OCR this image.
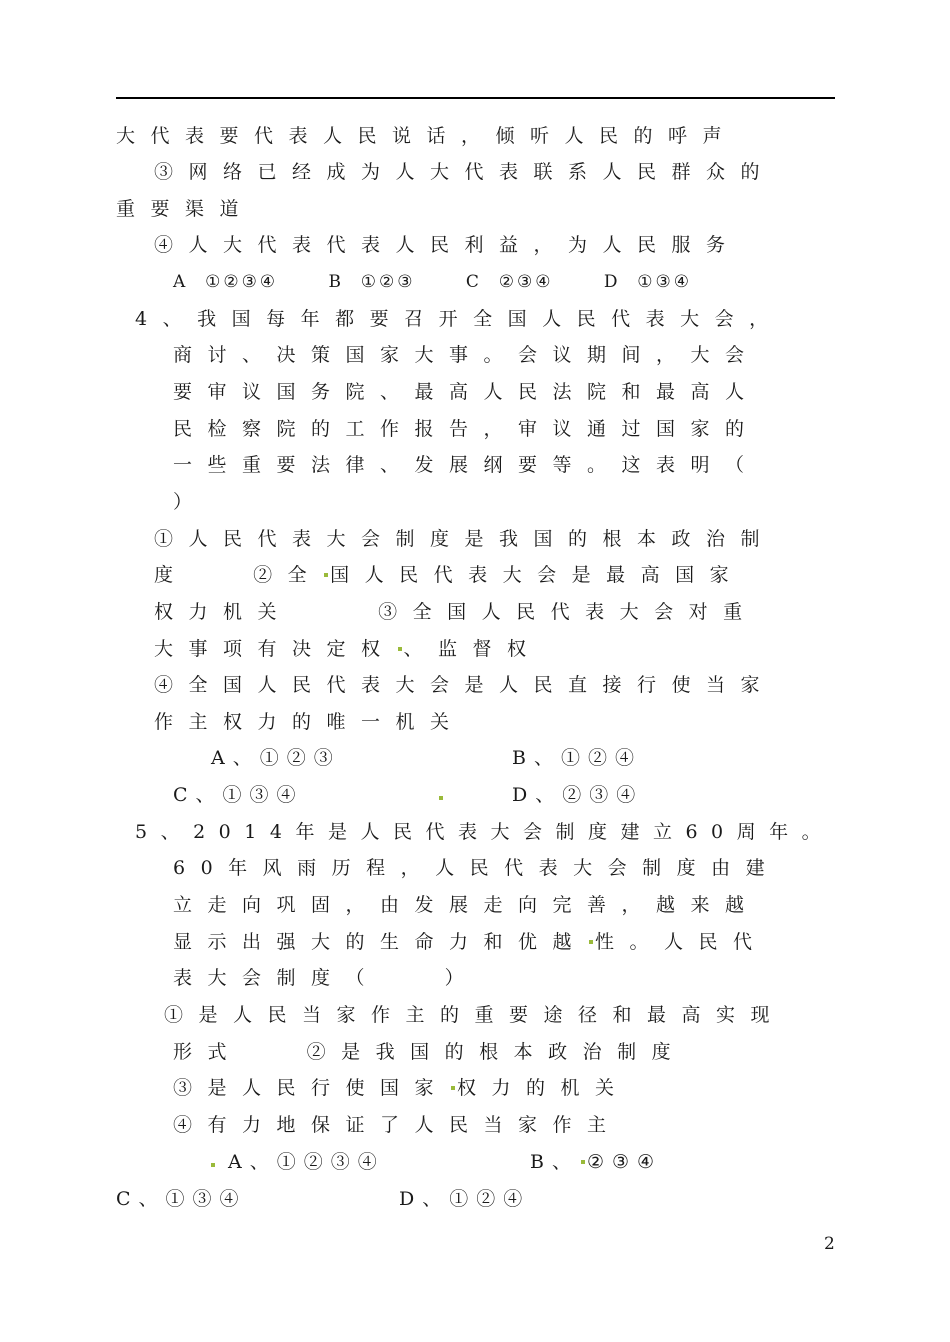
大代表要代表人民说话，倾听人民的呼声
③网络已经成为人大代表联系人民群众的
重要渠道
④人大代表代表人民利益，为人民服务
A  ①②③④      B  ①②③      C  ②③④      D  ①③④
4、我国每年都要召开全国人民代表大会，
商讨、决策国家大事。会议期间，大会
要审议国务院、最高人民法院和最高人
民检察院的工作报告，审议通过国家的
一些重要法律、发展纲要等。这表明（
）
①人民代表大会制度是我国的根本政治制
度   ②全 国人民代表大会是最高国家
权力机关    ③全国人民代表大会对重
大事项有决定权 、监督权
④全国人民代表大会是人民直接行使当家
作主权力的唯一机关
A、①②③	B、①②④
C、①③④	D、②③④
5、2014年是人民代表大会制度建立60周年。
60年风雨历程，人民代表大会制度由建
立走向巩固，由发展走向完善，越来越
显示出强大的生命力和优越 性。人民代
表大会制度（   ）
①是人民当家作主的重要途径和最高实现
形式   ②是我国的根本政治制度
③是人民行使国家 权力的机关
④有力地保证了人民当家作主
A、①②③④	B、 ②③④
C、①③④	D、①②④
2
